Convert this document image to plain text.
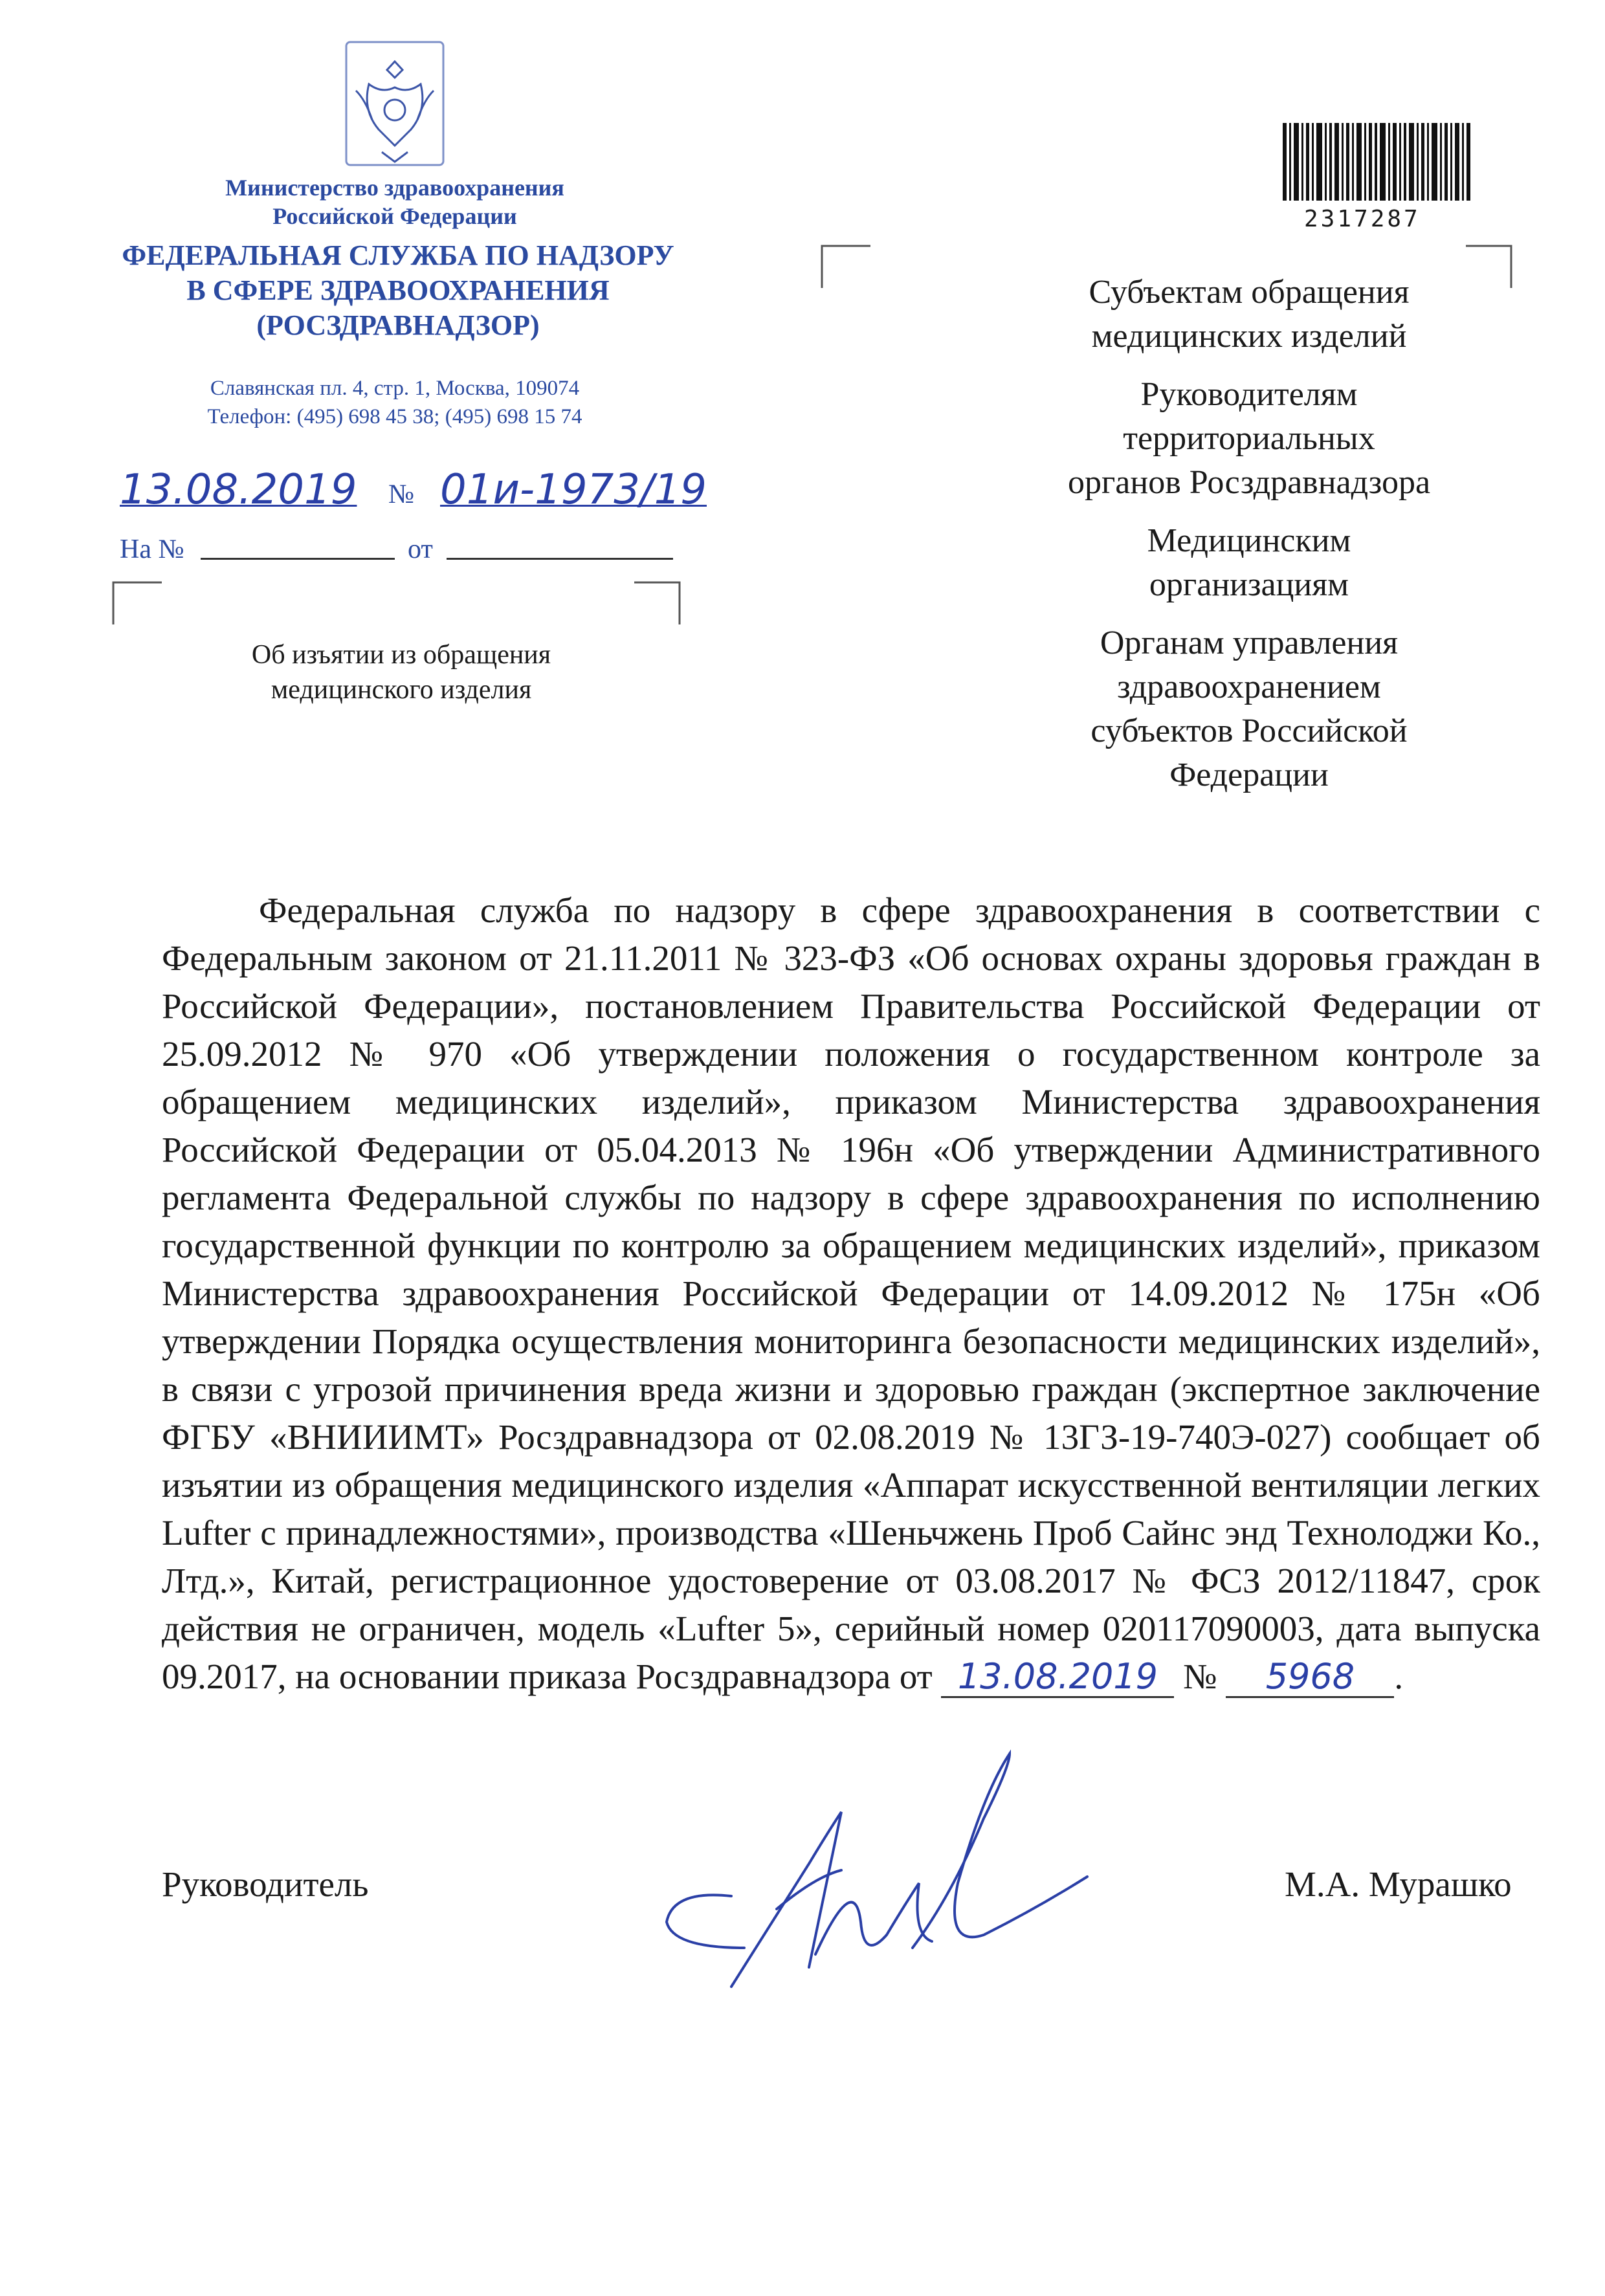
Министерство здравоохранения
Российской Федерации
ФЕДЕРАЛЬНАЯ СЛУЖБА ПО НАДЗОРУ
В СФЕРЕ ЗДРАВООХРАНЕНИЯ
(РОСЗДРАВНАДЗОР)
Славянская пл. 4, стр. 1, Москва, 109074
Телефон: (495) 698 45 38; (495) 698 15 74
13.08.2019	№ 01и-1973/19
На №	от
Об изъятии из обращения
медицинского изделия
2317287
Субъектам обращения
медицинских изделий
Руководителям
территориальных
органов Росздравнадзора
Медицинским
организациям
Органам управления
здравоохранением
субъектов Российской
Федерации

Федеральная служба по надзору в сфере здравоохранения в соответствии с Федеральным законом от 21.11.2011 № 323-ФЗ «Об основах охраны здоровья граждан в Российской Федерации», постановлением Правительства Российской Федерации от 25.09.2012 № 970 «Об утверждении положения о государственном контроле за обращением медицинских изделий», приказом Министерства здравоохранения Российской Федерации от 05.04.2013 № 196н «Об утверждении Административного регламента Федеральной службы по надзору в сфере здравоохранения по исполнению государственной функции по контролю за обращением медицинских изделий», приказом Министерства здравоохранения Российской Федерации от 14.09.2012 № 175н «Об утверждении Порядка осуществления мониторинга безопасности медицинских изделий», в связи с угрозой причинения вреда жизни и здоровью граждан (экспертное заключение ФГБУ «ВНИИИМТ» Росздравнадзора от 02.08.2019 № 13ГЗ-19-740Э-027) сообщает об изъятии из обращения медицинского изделия «Аппарат искусственной вентиляции легких Lufter с принадлежностями», производства «Шеньчжень Проб Сайнс энд Технолоджи Ко., Лтд.», Китай, регистрационное удостоверение от 03.08.2017 № ФСЗ 2012/11847, срок действия не ограничен, модель «Lufter 5», серийный номер 020117090003, дата выпуска 09.2017, на основании приказа Росздравнадзора от 13.08.2019 № 5968 .

Руководитель	М.А. Мурашко
